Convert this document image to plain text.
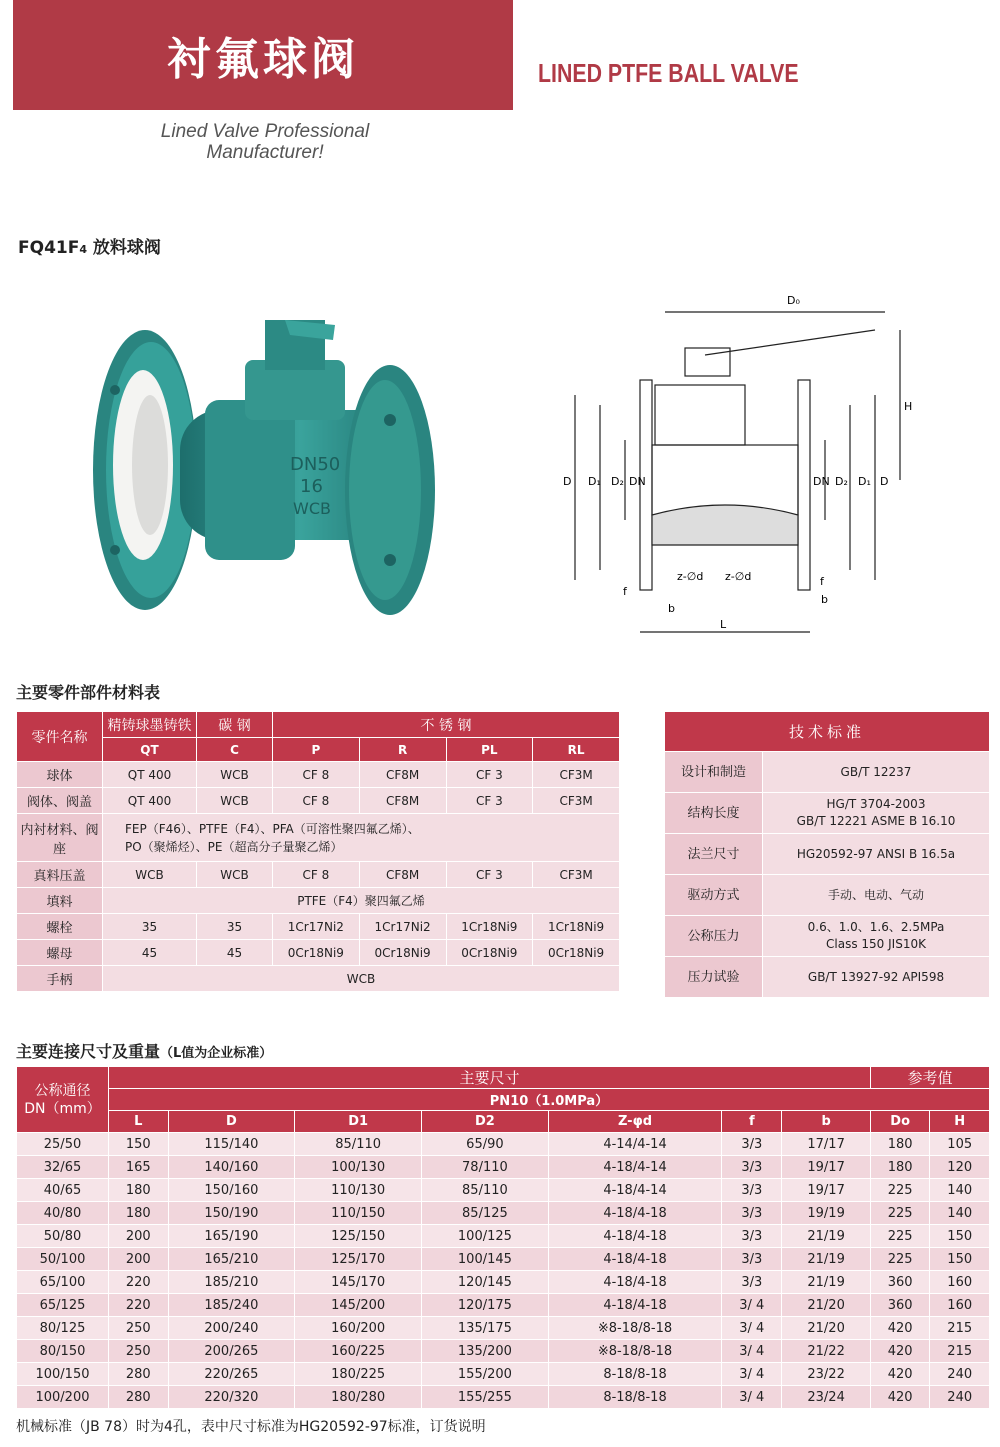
衬氟球阀	LINED PTFE BALL VALVE
Lined Valve Professional
Manufacturer!
FQ41F4 放料球阀
DN50
16
WCB
D₀
H
D D₁ D₂ DN	DN D₂ D₁ D
z-∅d z-∅d
f
f
b
b
L
主要零件部件材料表
零件名称	精铸球墨铸铁	碳 钢	不 锈 钢			
	QT	C	P	R	PL	RL
球体	QT 400	WCB	CF 8	CF8M	CF 3	CF3M
阀体、阀盖	QT 400	WCB	CF 8	CF8M	CF 3	CF3M
内衬材料、阀座	FEP（F46）、PTFE（F4）、PFA（可溶性聚四氟乙烯）、
PO（聚烯烃）、PE（超高分子量聚乙烯）					

真料压盖	WCB	WCB	CF 8	CF8M	CF 3	CF3M
填料	PTFE（F4）聚四氟乙烯					
螺栓	35	35	1Cr17Ni2	1Cr17Ni2	1Cr18Ni9	1Cr18Ni9
螺母	45	45	0Cr18Ni9	0Cr18Ni9	0Cr18Ni9	0Cr18Ni9
手柄	WCB					
技术标准	
设计和制造	GB/T 12237

结构长度	HG/T 3704-2003
GB/T 12221 ASME B 16.10

法兰尺寸	HG20592-97 ANSI B 16.5a

驱动方式	手动、电动、气动

公称压力	0.6、1.0、1.6、2.5MPa
Class 150 JIS10K

压力试验	GB/T 13927-92 API598
主要连接尺寸及重量（L值为企业标准）
公称通径
DN（mm）	主要尺寸							参考值	
	PN10（1.0MPa）								
	L	D	D1	D2	Z-φd	f	b	Do	H
25/50	150	115/140	85/110	65/90	4-14/4-14	3/3	17/17	180	105
32/65	165	140/160	100/130	78/110	4-18/4-14	3/3	19/17	180	120
40/65	180	150/160	110/130	85/110	4-18/4-14	3/3	19/17	225	140
40/80	180	150/190	110/150	85/125	4-18/4-18	3/3	19/19	225	140
50/80	200	165/190	125/150	100/125	4-18/4-18	3/3	21/19	225	150
50/100	200	165/210	125/170	100/145	4-18/4-18	3/3	21/19	225	150
65/100	220	185/210	145/170	120/145	4-18/4-18	3/3	21/19	360	160
65/125	220	185/240	145/200	120/175	4-18/4-18	3/ 4	21/20	360	160
80/125	250	200/240	160/200	135/175	※8-18/8-18	3/ 4	21/20	420	215
80/150	250	200/265	160/225	135/200	※8-18/8-18	3/ 4	21/22	420	215
100/150	280	220/265	180/225	155/200	8-18/8-18	3/ 4	23/22	420	240
100/200	280	220/320	180/280	155/255	8-18/8-18	3/ 4	23/24	420	240
机械标准（JB 78）时为4孔，表中尺寸标准为HG20592-97标准，订货说明
